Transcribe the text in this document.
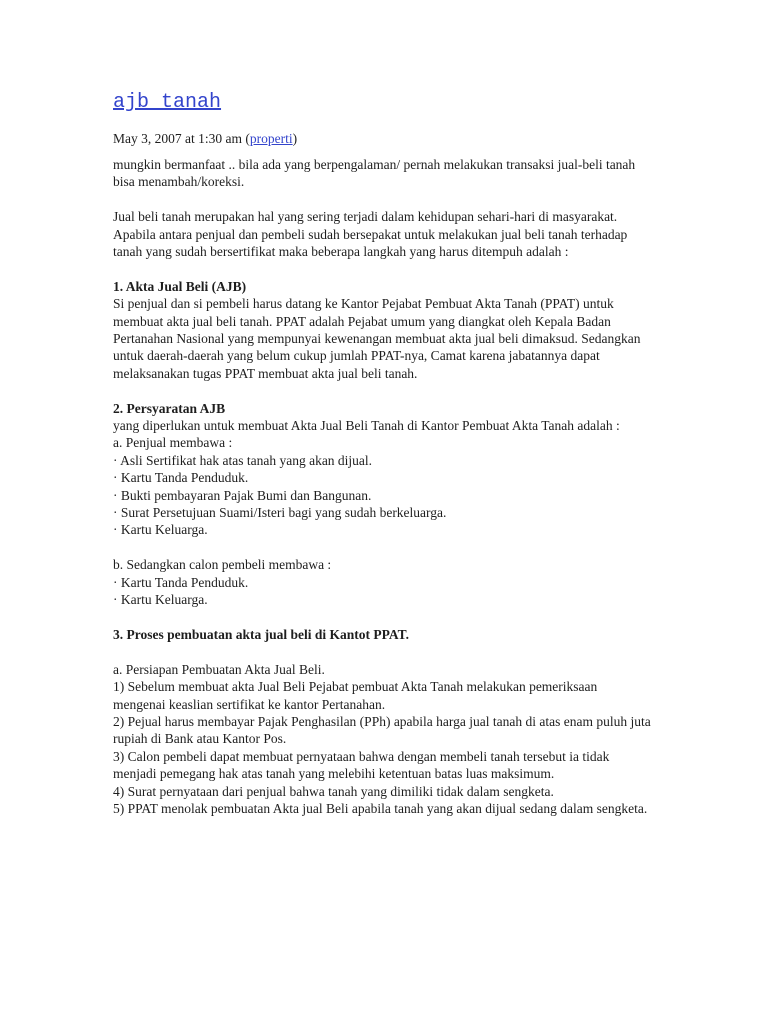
ajb tanah
May 3, 2007 at 1:30 am (properti)

mungkin bermanfaat .. bila ada yang berpengalaman/ pernah melakukan transaksi jual-beli tanah bisa menambah/koreksi.

Jual beli tanah merupakan hal yang sering terjadi dalam kehidupan sehari-hari di masyarakat. Apabila antara penjual dan pembeli sudah bersepakat untuk melakukan jual beli tanah terhadap tanah yang sudah bersertifikat maka beberapa langkah yang harus ditempuh adalah :

1. Akta Jual Beli (AJB)

Si penjual dan si pembeli harus datang ke Kantor Pejabat Pembuat Akta Tanah (PPAT) untuk membuat akta jual beli tanah. PPAT adalah Pejabat umum yang diangkat oleh Kepala Badan Pertanahan Nasional yang mempunyai kewenangan membuat akta jual beli dimaksud. Sedangkan untuk daerah-daerah yang belum cukup jumlah PPAT-nya, Camat karena jabatannya dapat melaksanakan tugas PPAT membuat akta jual beli tanah.

2. Persyaratan AJB

yang diperlukan untuk membuat Akta Jual Beli Tanah di Kantor Pembuat Akta Tanah adalah :

a. Penjual membawa :

· Asli Sertifikat hak atas tanah yang akan dijual.

· Kartu Tanda Penduduk.

· Bukti pembayaran Pajak Bumi dan Bangunan.

· Surat Persetujuan Suami/Isteri bagi yang sudah berkeluarga.

· Kartu Keluarga.

b. Sedangkan calon pembeli membawa :

· Kartu Tanda Penduduk.

· Kartu Keluarga.

3. Proses pembuatan akta jual beli di Kantot PPAT.

a. Persiapan Pembuatan Akta Jual Beli.

1) Sebelum membuat akta Jual Beli Pejabat pembuat Akta Tanah melakukan pemeriksaan mengenai keaslian sertifikat ke kantor Pertanahan.

2) Pejual harus membayar Pajak Penghasilan (PPh) apabila harga jual tanah di atas enam puluh juta rupiah di Bank atau Kantor Pos.

3) Calon pembeli dapat membuat pernyataan bahwa dengan membeli tanah tersebut ia tidak menjadi pemegang hak atas tanah yang melebihi ketentuan batas luas maksimum.

4) Surat pernyataan dari penjual bahwa tanah yang dimiliki tidak dalam sengketa.

5) PPAT menolak pembuatan Akta jual Beli apabila tanah yang akan dijual sedang dalam sengketa.
